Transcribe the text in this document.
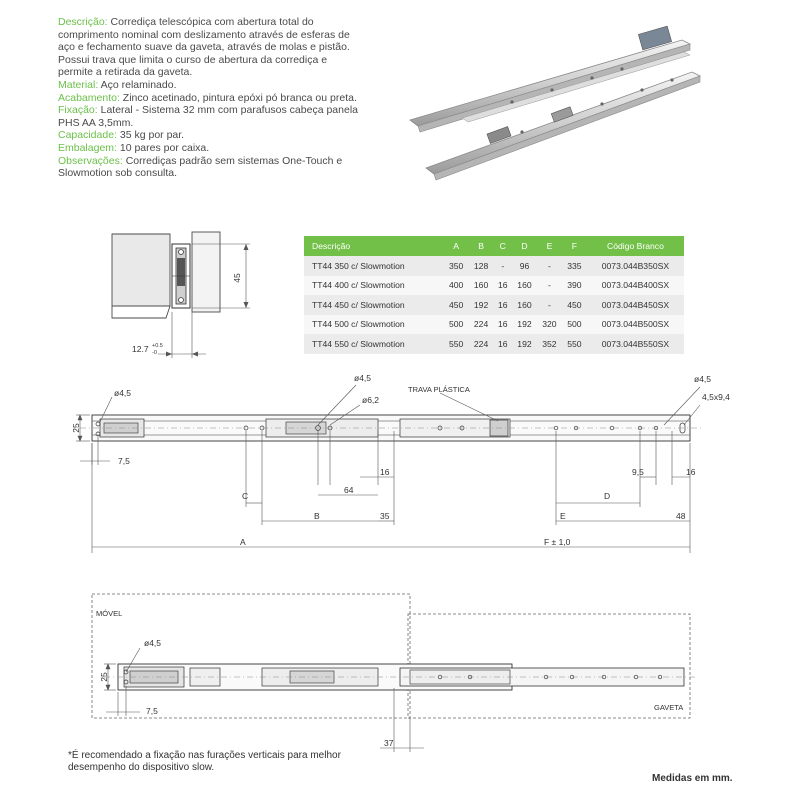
Descrição: Corrediça telescópica com abertura total do comprimento nominal com deslizamento através de esferas de aço e fechamento suave da gaveta, através de molas e pistão.

Possui trava que limita o curso de abertura da corrediça e permite a retirada da gaveta.

Material: Aço relaminado.

Acabamento: Zinco acetinado, pintura epóxi pó branca ou preta.

Fixação: Lateral - Sistema 32 mm com parafusos cabeça panela PHS AA 3,5mm.

Capacidade: 35 kg por par.

Embalagem: 10 pares por caixa.

Observações: Corrediças padrão sem sistemas One-Touch e Slowmotion sob consulta.

45
12.7 +0.5
-0
Descrição	A	B	C	D	E	F	Código Branco
TT44 350 c/ Slowmotion	350	128	-	96	-	335	0073.044B350SX
TT44 400 c/ Slowmotion	400	160	16	160	-	390	0073.044B400SX
TT44 450 c/ Slowmotion	450	192	16	160	-	450	0073.044B450SX
TT44 500 c/ Slowmotion	500	224	16	192	320	500	0073.044B500SX
TT44 550 c/ Slowmotion	550	224	16	192	352	550	0073.044B550SX
ø4,5
ø4,5
ø6,2
TRAVA PLÁSTICA
ø4,5
4,5x9,4
25
7,5
16
64
C
B	35
D
9,5	16
E	48
A	F ± 1,0
MÓVEL
GAVETA
ø4,5
25
7,5
37
*É recomendado a fixação nas furações verticais para melhor desempenho do dispositivo slow.
Medidas em mm.
